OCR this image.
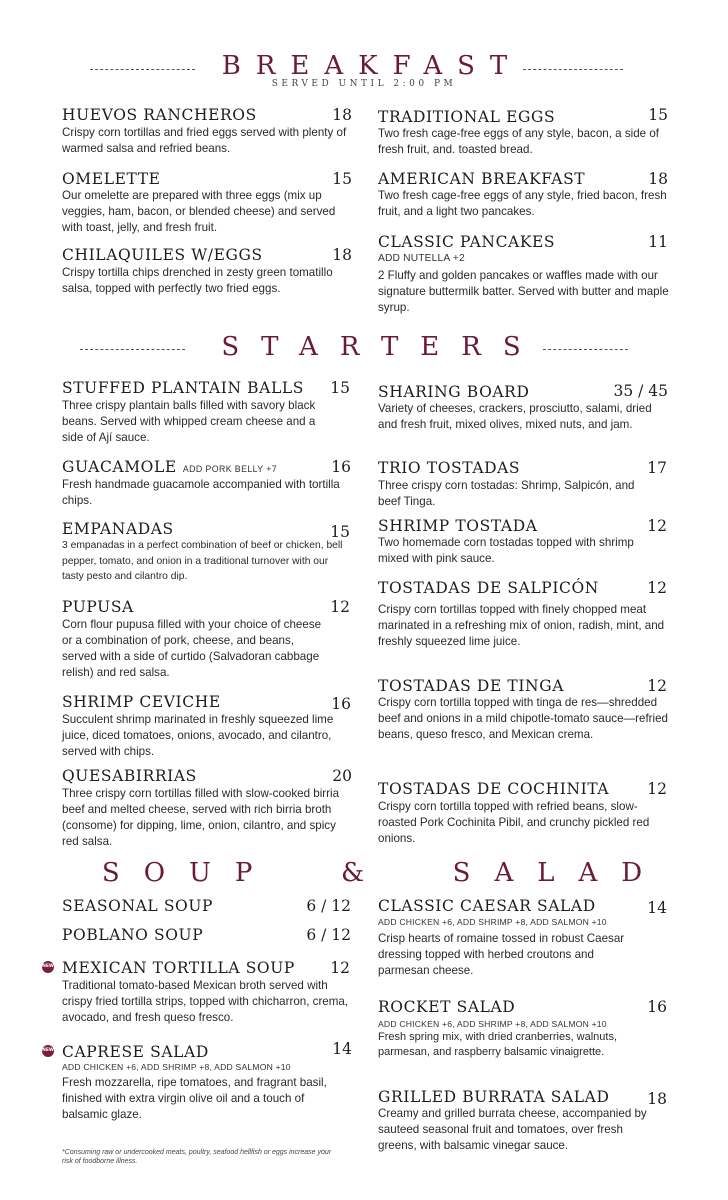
BREAKFAST
SERVED UNTIL 2:00 PM
HUEVOS RANCHEROS	18
Crispy corn tortillas and fried eggs served with plenty of warmed salsa and refried beans.
OMELETTE	15
Our omelette are prepared with three eggs (mix up veggies, ham, bacon, or blended cheese) and served with toast, jelly, and fresh fruit.
CHILAQUILES W/EGGS	18
Crispy tortilla chips drenched in zesty green tomatillo salsa, topped with perfectly two fried eggs.
TRADITIONAL EGGS	15
Two fresh cage-free eggs of any style, bacon, a side of fresh fruit, and. toasted bread.
AMERICAN BREAKFAST	18
Two fresh cage-free eggs of any style, fried bacon, fresh fruit, and a light two pancakes.
CLASSIC PANCAKES	11
ADD NUTELLA +2
2 Fluffy and golden pancakes or waffles made with our signature buttermilk batter. Served with butter and maple syrup.
STARTERS
STUFFED PLANTAIN BALLS	15
Three crispy plantain balls filled with savory black beans. Served with whipped cream cheese and a side of Ají sauce.
GUACAMOLE ADD PORK BELLY +7	16
Fresh handmade guacamole accompanied with tortilla chips.
EMPANADAS	15
3 empanadas in a perfect combination of beef or chicken, bell pepper, tomato, and onion in a traditional turnover with our tasty pesto and cilantro dip.
PUPUSA	12
Corn flour pupusa filled with your choice of cheese or a combination of pork, cheese, and beans, served with a side of curtido (Salvadoran cabbage relish) and red salsa.
SHRIMP CEVICHE	16
Succulent shrimp marinated in freshly squeezed lime juice, diced tomatoes, onions, avocado, and cilantro, served with chips.
QUESABIRRIAS	20
Three crispy corn tortillas filled with slow-cooked birria beef and melted cheese, served with rich birria broth (consome) for dipping, lime, onion, cilantro, and spicy red salsa.
SHARING BOARD	35 / 45
Variety of cheeses, crackers, prosciutto, salami, dried and fresh fruit, mixed olives, mixed nuts, and jam.
TRIO TOSTADAS	17
Three crispy corn tostadas: Shrimp, Salpicón, and beef Tinga.
SHRIMP TOSTADA	12
Two homemade corn tostadas topped with shrimp mixed with pink sauce.
TOSTADAS DE SALPICÓN	12
Crispy corn tortillas topped with finely chopped meat marinated in a refreshing mix of onion, radish, mint, and freshly squeezed lime juice.
TOSTADAS DE TINGA	12
Crispy corn tortilla topped with tinga de res—shredded beef and onions in a mild chipotle-tomato sauce—refried beans, queso fresco, and Mexican crema.
TOSTADAS DE COCHINITA	12
Crispy corn tortilla topped with refried beans, slow-roasted Pork Cochinita Pibil, and crunchy pickled red onions.
SOUP  &  SALAD
SEASONAL SOUP	6 / 12
POBLANO SOUP	6 / 12
NEW MEXICAN TORTILLA SOUP	12
Traditional tomato-based Mexican broth served with crispy fried tortilla strips, topped with chicharron, crema, avocado, and fresh queso fresco.
NEW CAPRESE SALAD	14
ADD CHICKEN +6, ADD SHRIMP +8, ADD SALMON +10
Fresh mozzarella, ripe tomatoes, and fragrant basil, finished with extra virgin olive oil and a touch of balsamic glaze.
*Consuming raw or undercooked meats, poultry, seafood hellfish or eggs increase your risk of foodborne illness.
CLASSIC CAESAR SALAD	14
ADD CHICKEN +6, ADD SHRIMP +8, ADD SALMON +10
Crisp hearts of romaine tossed in robust Caesar dressing topped with herbed croutons and parmesan cheese.
ROCKET SALAD	16
ADD CHICKEN +6, ADD SHRIMP +8, ADD SALMON +10
Fresh spring mix, with dried cranberries, walnuts, parmesan, and raspberry balsamic vinaigrette.
GRILLED BURRATA SALAD	18
Creamy and grilled burrata cheese, accompanied by sauteed seasonal fruit and tomatoes, over fresh greens, with balsamic vinegar sauce.
